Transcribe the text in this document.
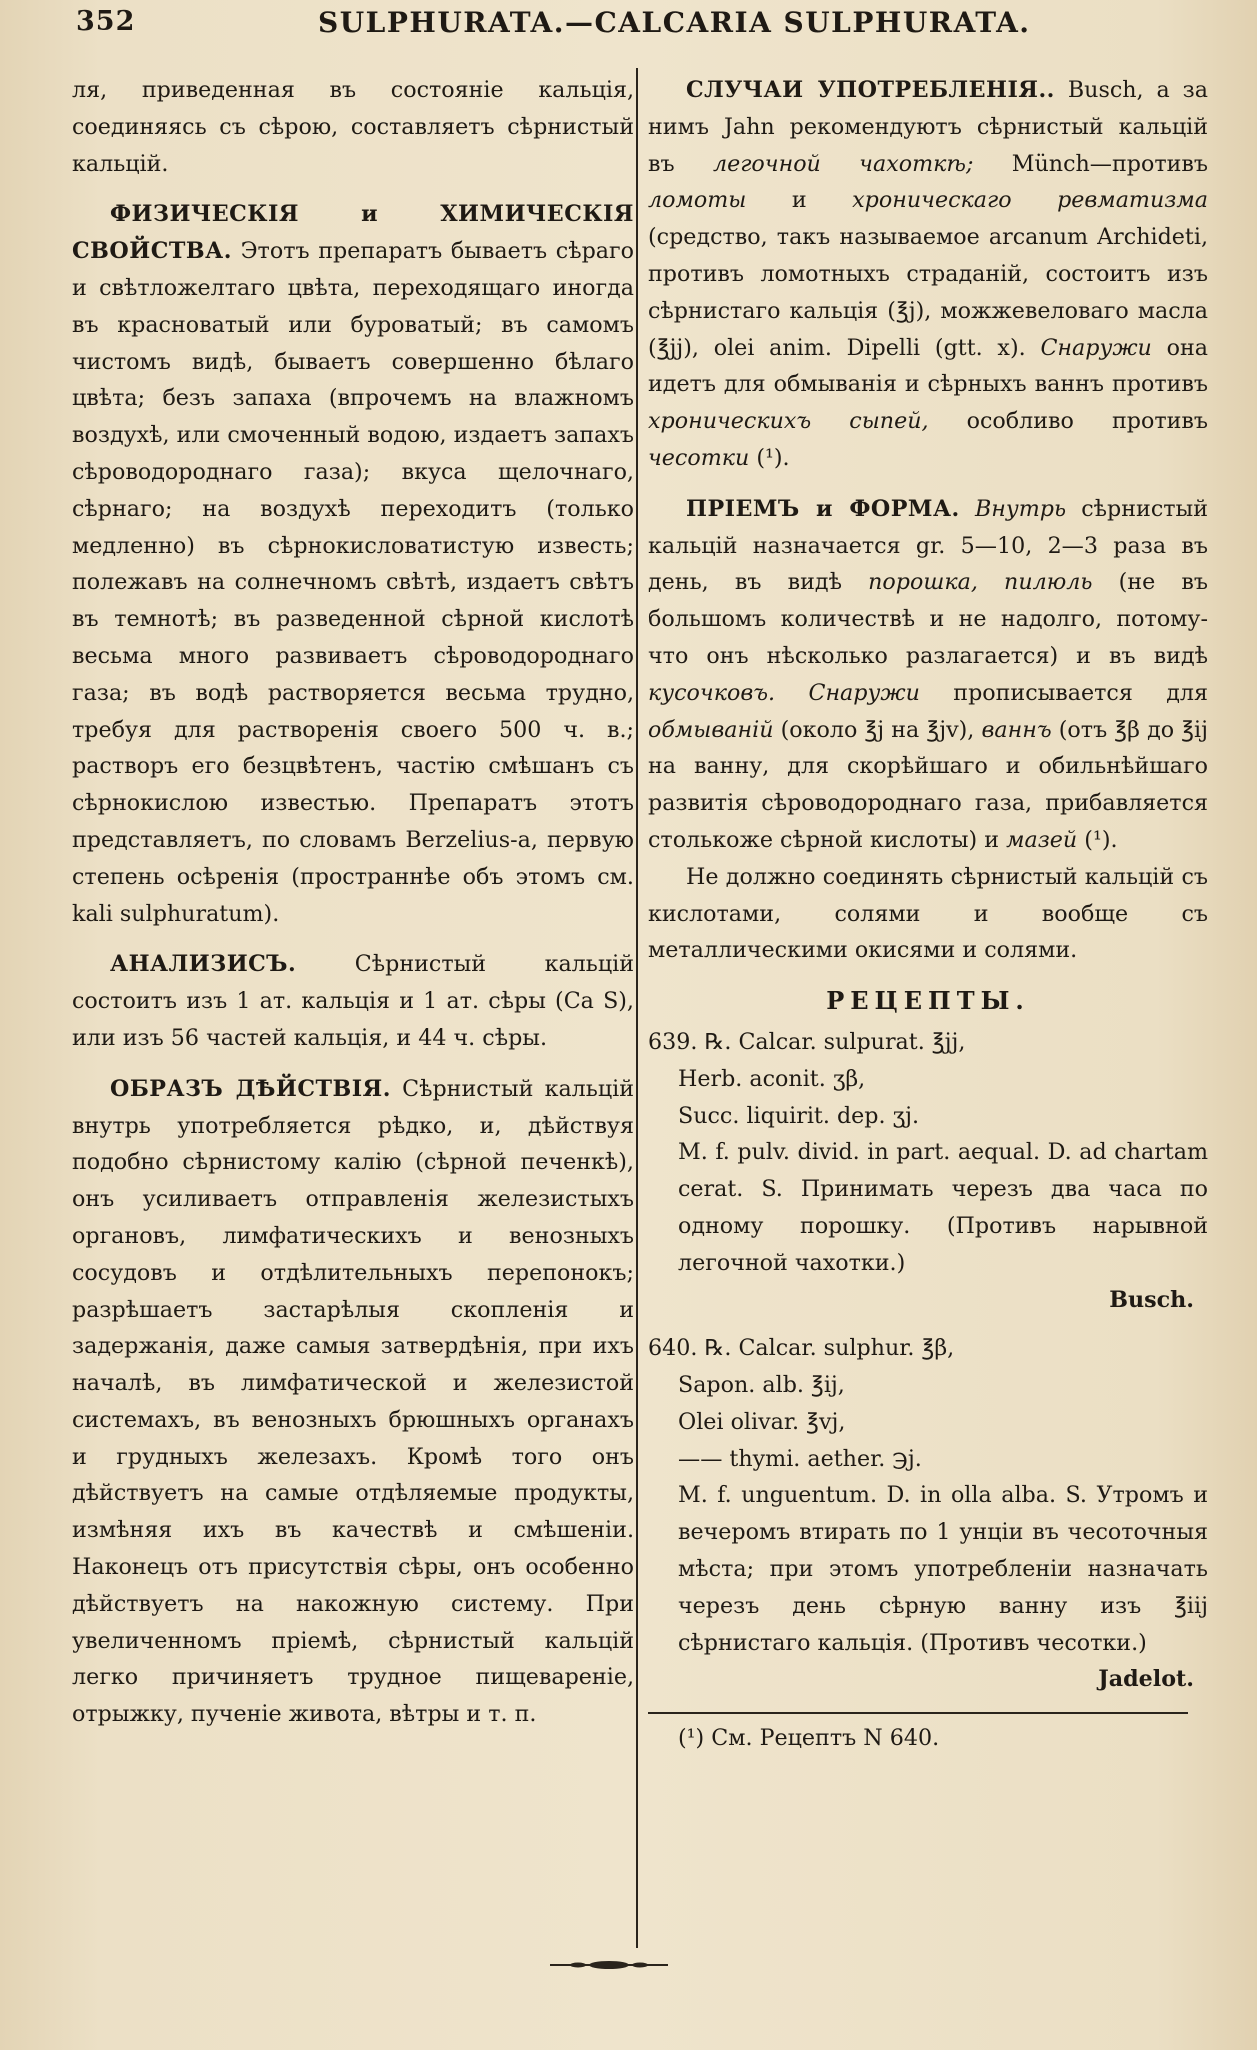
352	SULPHURATA.—CALCARIA SULPHURATA.

ля, приведенная въ состояніе кальція, соединяясь съ сѣрою, составляетъ сѣрнистый кальцій.

ФИЗИЧЕСКІЯ и ХИМИЧЕСКІЯ СВОЙСТВА. Этотъ препаратъ бываетъ сѣраго и свѣтложелтаго цвѣта, переходящаго иногда въ красноватый или буроватый; въ самомъ чистомъ видѣ, бываетъ совершенно бѣлаго цвѣта; безъ запаха (впрочемъ на влажномъ воздухѣ, или смоченный водою, издаетъ запахъ сѣроводороднаго газа); вкуса щелочнаго, сѣрнаго; на воздухѣ переходитъ (только медленно) въ сѣрнокисловатистую известь; полежавъ на солнечномъ свѣтѣ, издаетъ свѣтъ въ темнотѣ; въ разведенной сѣрной кислотѣ весьма много развиваетъ сѣроводороднаго газа; въ водѣ растворяется весьма трудно, требуя для растворенія своего 500 ч. в.; растворъ его безцвѣтенъ, частію смѣшанъ съ сѣрнокислою известью. Препаратъ этотъ представляетъ, по словамъ Berzelius-а, первую степень осѣренія (пространнѣе объ этомъ см. kali sulphuratum).

АНАЛИЗИСЪ. Сѣрнистый кальцій состоитъ изъ 1 ат. кальція и 1 ат. сѣры (Ca S), или изъ 56 частей кальція, и 44 ч. сѣры.

ОБРАЗЪ ДѢЙСТВІЯ. Сѣрнистый кальцій внутрь употребляется рѣдко, и, дѣйствуя подобно сѣрнистому калію (сѣрной печенкѣ), онъ усиливаетъ отправленія железистыхъ органовъ, лимфатическихъ и венозныхъ сосудовъ и отдѣлительныхъ перепонокъ; разрѣшаетъ застарѣлыя скопленія и задержанія, даже самыя затвердѣнія, при ихъ началѣ, въ лимфатической и железистой системахъ, въ венозныхъ брюшныхъ органахъ и грудныхъ железахъ. Кромѣ того онъ дѣйствуетъ на самые отдѣляемые продукты, измѣняя ихъ въ качествѣ и смѣшеніи. Наконецъ отъ присутствія сѣры, онъ особенно дѣйствуетъ на накожную систему. При увеличенномъ пріемѣ, сѣрнистый кальцій легко причиняетъ трудное пищевареніе, отрыжку, пученіе живота, вѣтры и т. п.

СЛУЧАИ УПОТРЕБЛЕНІЯ.. Busch, а за нимъ Jahn рекомендуютъ сѣрнистый кальцій въ легочной чахоткѣ; Münch—противъ ломоты и хроническаго ревматизма (средство, такъ называемое arcanum Archideti, противъ ломотныхъ страданій, состоитъ изъ сѣрнистаго кальція (℥j), можжевеловаго масла (℥jj), olei anim. Dipelli (gtt. x). Снаружи она идетъ для обмыванія и сѣрныхъ ваннъ противъ хроническихъ сыпей, особливо противъ чесотки (¹).

ПРІЕМЪ и ФОРМА. Внутрь сѣрнистый кальцій назначается gr. 5—10, 2—3 раза въ день, въ видѣ порошка, пилюль (не въ большомъ количествѣ и не надолго, потому-что онъ нѣсколько разлагается) и въ видѣ кусочковъ. Снаружи прописывается для обмываній (около ℥j на ℥jv), ваннъ (отъ ℥β до ℥ij на ванну, для скорѣйшаго и обильнѣйшаго развитія сѣроводороднаго газа, прибавляется столькоже сѣрной кислоты) и мазей (¹).

Не должно соединять сѣрнистый кальцій съ кислотами, солями и вообще съ металлическими окисями и солями.

РЕЦЕПТЫ.

639. ℞. Calcar. sulpurat. ℥jj,

Herb. aconit. ʒβ,

Succ. liquirit. dep. ʒj.

M. f. pulv. divid. in part. aequal. D. ad chartam cerat. S. Принимать черезъ два часа по одному порошку. (Противъ нарывной легочной чахотки.)

Busch.

640. ℞. Calcar. sulphur. ℥β,

Sapon. alb. ℥ij,

Olei olivar. ℥vj,

—— thymi. aether. ℈j.

M. f. unguentum. D. in olla alba. S. Утромъ и вечеромъ втирать по 1 унціи въ чесоточныя мѣста; при этомъ употребленіи назначать черезъ день сѣрную ванну изъ ℥iij сѣрнистаго кальція. (Противъ чесотки.)

Jadelot.

(¹) См. Рецептъ N 640.
